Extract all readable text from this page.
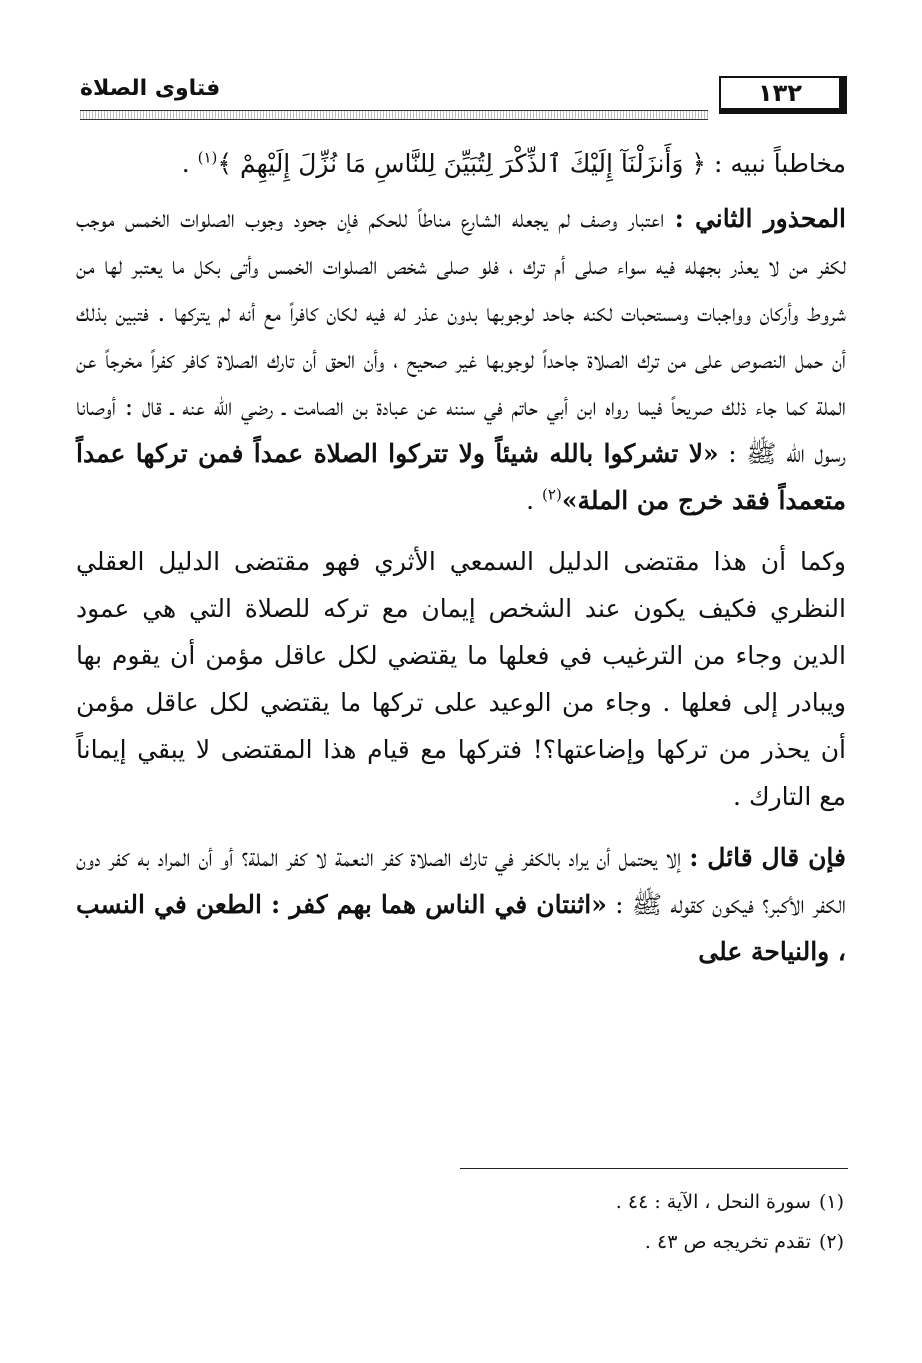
فتاوى الصلاة	١٣٢

مخاطباً نبيه : ﴿ وَأَنزَلْنَآ إِلَيْكَ ٱلذِّكْرَ لِتُبَيِّنَ لِلنَّاسِ مَا نُزِّلَ إِلَيْهِمْ ﴾$^{(١)}$ .

المحذور الثاني : اعتبار وصف لم يجعله الشارع مناطاً للحكم فإن جحود وجوب الصلوات الخمس موجب لكفر من لا يعذر بجهله فيه سواء صلى أم ترك ، فلو صلى شخص الصلوات الخمس وأتى بكل ما يعتبر لها من شروط وأركان وواجبات ومستحبات لكنه جاحد لوجوبها بدون عذر له فيه لكان كافراً مع أنه لم يتركها . فتبين بذلك أن حمل النصوص على من ترك الصلاة جاحداً لوجوبها غير صحيح ، وأن الحق أن تارك الصلاة كافر كفراً مخرجاً عن الملة كما جاء ذلك صريحاً فيما رواه ابن أبي حاتم في سننه عن عبادة بن الصامت ـ رضي الله عنه ـ قال : أوصانا رسول الله ﷺ : «لا تشركوا بالله شيئاً ولا تتركوا الصلاة عمداً فمن تركها عمداً متعمداً فقد خرج من الملة»$^{(٢)}$ .

وكما أن هذا مقتضى الدليل السمعي الأثري فهو مقتضى الدليل العقلي النظري فكيف يكون عند الشخص إيمان مع تركه للصلاة التي هي عمود الدين وجاء من الترغيب في فعلها ما يقتضي لكل عاقل مؤمن أن يقوم بها ويبادر إلى فعلها . وجاء من الوعيد على تركها ما يقتضي لكل عاقل مؤمن أن يحذر من تركها وإضاعتها؟! فتركها مع قيام هذا المقتضى لا يبقي إيماناً مع التارك .

فإن قال قائل : إلا يحتمل أن يراد بالكفر في تارك الصلاة كفر النعمة لا كفر الملة؟ أو أن المراد به كفر دون الكفر الأكبر؟ فيكون كقوله ﷺ : «اثنتان في الناس هما بهم كفر : الطعن في النسب ، والنياحة على

(١)سورة النحل ، الآية : ٤٤ .
(٢)تقدم تخريجه ص ٤٣ .
